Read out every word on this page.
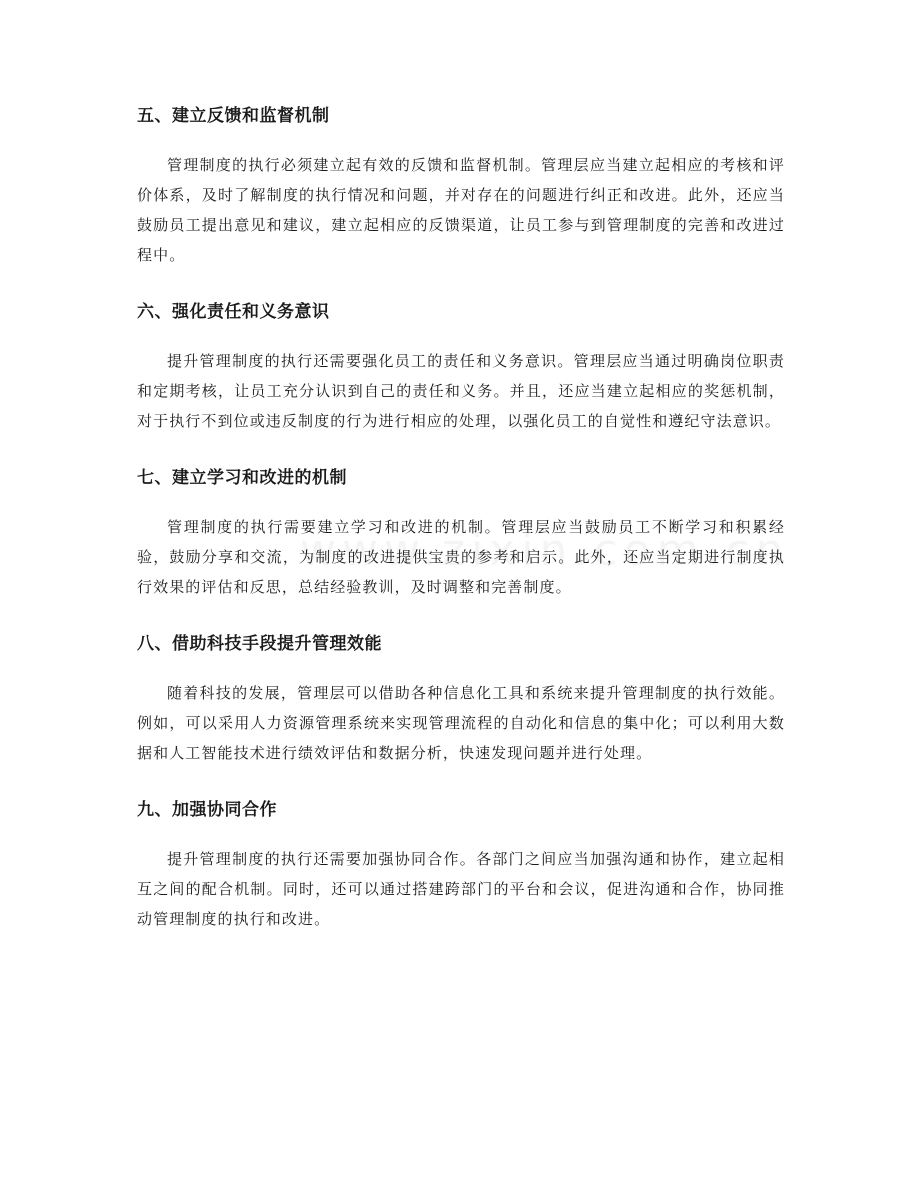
五、建立反馈和监督机制

管理制度的执行必须建立起有效的反馈和监督机制。管理层应当建立起相应的考核和评价体系，及时了解制度的执行情况和问题，并对存在的问题进行纠正和改进。此外，还应当鼓励员工提出意见和建议，建立起相应的反馈渠道，让员工参与到管理制度的完善和改进过程中。

六、强化责任和义务意识

提升管理制度的执行还需要强化员工的责任和义务意识。管理层应当通过明确岗位职责和定期考核，让员工充分认识到自己的责任和义务。并且，还应当建立起相应的奖惩机制，对于执行不到位或违反制度的行为进行相应的处理，以强化员工的自觉性和遵纪守法意识。

七、建立学习和改进的机制

管理制度的执行需要建立学习和改进的机制。管理层应当鼓励员工不断学习和积累经验，鼓励分享和交流，为制度的改进提供宝贵的参考和启示。此外，还应当定期进行制度执行效果的评估和反思，总结经验教训，及时调整和完善制度。

八、借助科技手段提升管理效能

随着科技的发展，管理层可以借助各种信息化工具和系统来提升管理制度的执行效能。例如，可以采用人力资源管理系统来实现管理流程的自动化和信息的集中化；可以利用大数据和人工智能技术进行绩效评估和数据分析，快速发现问题并进行处理。

九、加强协同合作

提升管理制度的执行还需要加强协同合作。各部门之间应当加强沟通和协作，建立起相互之间的配合机制。同时，还可以通过搭建跨部门的平台和会议，促进沟通和合作，协同推动管理制度的执行和改进。
